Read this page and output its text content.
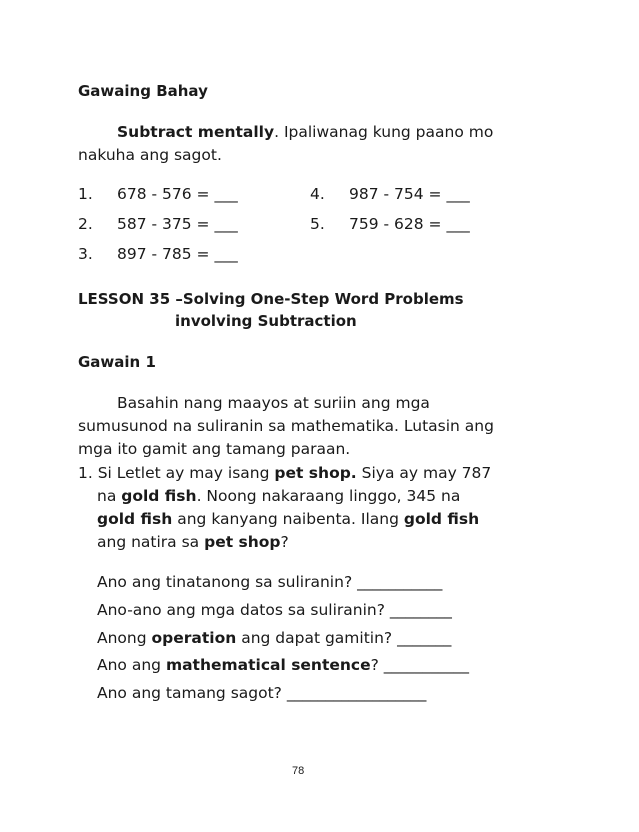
Gawaing Bahay
Subtract mentally. Ipaliwanag kung paano mo
nakuha ang sagot.
1. 678 - 576 = ___
2. 587 - 375 = ___
3. 897 - 785 = ___
4. 987 - 754 = ___
5. 759 - 628 = ___
LESSON 35 –Solving One-Step Word Problems
involving Subtraction
Gawain 1
Basahin nang maayos at suriin ang mga
sumusunod na suliranin sa mathematika. Lutasin ang
mga ito gamit ang tamang paraan.
1. Si Letlet ay may isang pet shop. Siya ay may 787
na gold fish. Noong nakaraang linggo, 345 na
gold fish ang kanyang naibenta. Ilang gold fish
ang natira sa pet shop?
Ano ang tinatanong sa suliranin? ___________
Ano-ano ang mga datos sa suliranin? ________
Anong operation ang dapat gamitin? _______
Ano ang mathematical sentence? ___________
Ano ang tamang sagot? __________________
78
